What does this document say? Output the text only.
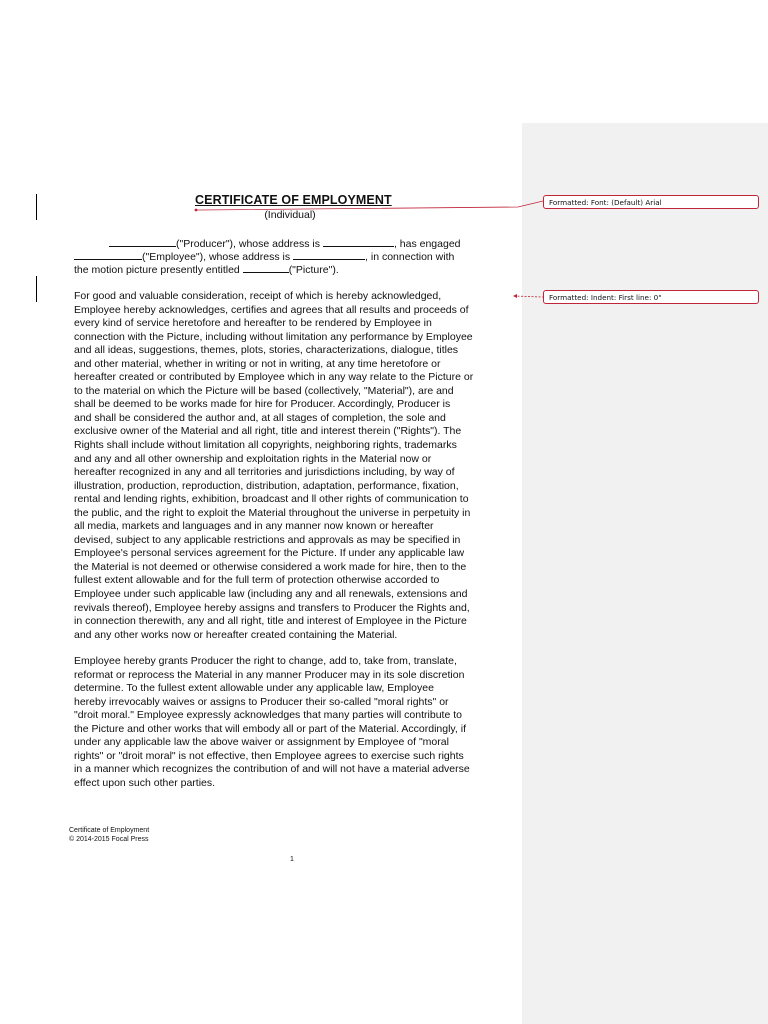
CERTIFICATE OF EMPLOYMENT
(Individual)
("Producer"), whose address is	, has engaged
("Employee"), whose address is	, in connection with
the motion picture presently entitled	("Picture").
For good and valuable consideration, receipt of which is hereby acknowledged,
Employee hereby acknowledges, certifies and agrees that all results and proceeds of
every kind of service heretofore and hereafter to be rendered by Employee in
connection with the Picture, including without limitation any performance by Employee
and all ideas, suggestions, themes, plots, stories, characterizations, dialogue, titles
and other material, whether in writing or not in writing, at any time heretofore or
hereafter created or contributed by Employee which in any way relate to the Picture or
to the material on which the Picture will be based (collectively, "Material"), are and
shall be deemed to be works made for hire for Producer. Accordingly, Producer is
and shall be considered the author and, at all stages of completion, the sole and
exclusive owner of the Material and all right, title and interest therein ("Rights"). The
Rights shall include without limitation all copyrights, neighboring rights, trademarks
and any and all other ownership and exploitation rights in the Material now or
hereafter recognized in any and all territories and jurisdictions including, by way of
illustration, production, reproduction, distribution, adaptation, performance, fixation,
rental and lending rights, exhibition, broadcast and ll other rights of communication to
the public, and the right to exploit the Material throughout the universe in perpetuity in
all media, markets and languages and in any manner now known or hereafter
devised, subject to any applicable restrictions and approvals as may be specified in
Employee's personal services agreement for the Picture. If under any applicable law
the Material is not deemed or otherwise considered a work made for hire, then to the
fullest extent allowable and for the full term of protection otherwise accorded to
Employee under such applicable law (including any and all renewals, extensions and
revivals thereof), Employee hereby assigns and transfers to Producer the Rights and,
in connection therewith, any and all right, title and interest of Employee in the Picture
and any other works now or hereafter created containing the Material.
Employee hereby grants Producer the right to change, add to, take from, translate,
reformat or reprocess the Material in any manner Producer may in its sole discretion
determine. To the fullest extent allowable under any applicable law, Employee
hereby irrevocably waives or assigns to Producer their so-called "moral rights" or
"droit moral." Employee expressly acknowledges that many parties will contribute to
the Picture and other works that will embody all or part of the Material. Accordingly, if
under any applicable law the above waiver or assignment by Employee of "moral
rights" or "droit moral" is not effective, then Employee agrees to exercise such rights
in a manner which recognizes the contribution of and will not have a material adverse
effect upon such other parties.
Certificate of Employment
© 2014-2015 Focal Press
1
Formatted: Font: (Default) Arial
Formatted: Indent: First line: 0"
